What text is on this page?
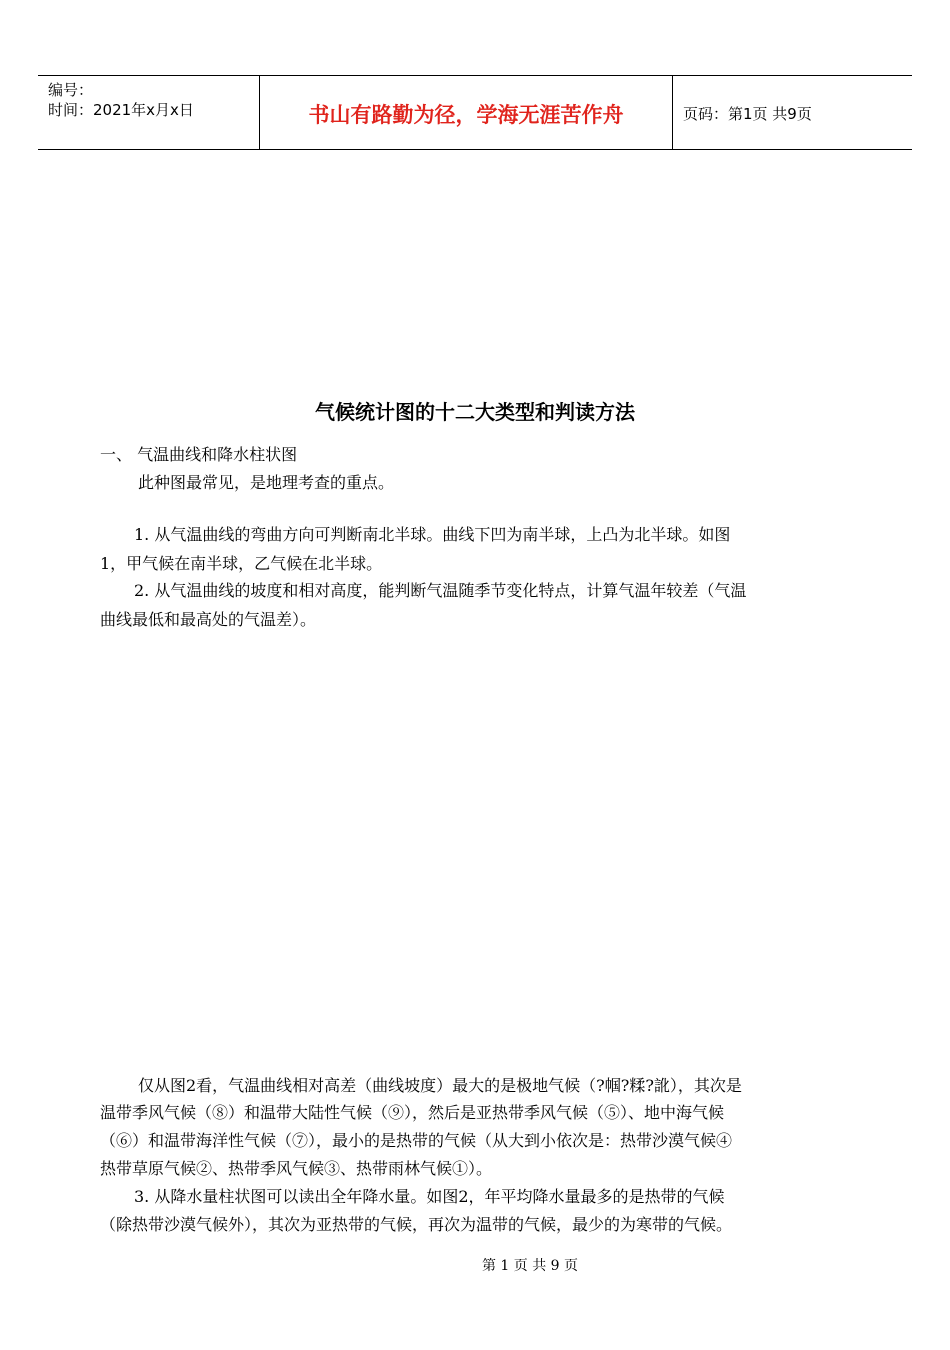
编号：
时间：2021年x月x日	书山有路勤为径，学海无涯苦作舟	页码：第1页 共9页
气候统计图的十二大类型和判读方法
一、 气温曲线和降水柱状图
此种图最常见，是地理考查的重点。
1. 从气温曲线的弯曲方向可判断南北半球。曲线下凹为南半球，上凸为北半球。如图
1，甲气候在南半球，乙气候在北半球。
2. 从气温曲线的坡度和相对高度，能判断气温随季节变化特点，计算气温年较差（气温
曲线最低和最高处的气温差）。
仅从图2看，气温曲线相对高差（曲线坡度）最大的是极地气候（?帼?糅?訛），其次是
温带季风气候（⑧）和温带大陆性气候（⑨），然后是亚热带季风气候（⑤）、地中海气候
（⑥）和温带海洋性气候（⑦），最小的是热带的气候（从大到小依次是：热带沙漠气候④
热带草原气候②、热带季风气候③、热带雨林气候①）。
3. 从降水量柱状图可以读出全年降水量。如图2，年平均降水量最多的是热带的气候
（除热带沙漠气候外），其次为亚热带的气候，再次为温带的气候，最少的为寒带的气候。
第 1 页 共 9 页
